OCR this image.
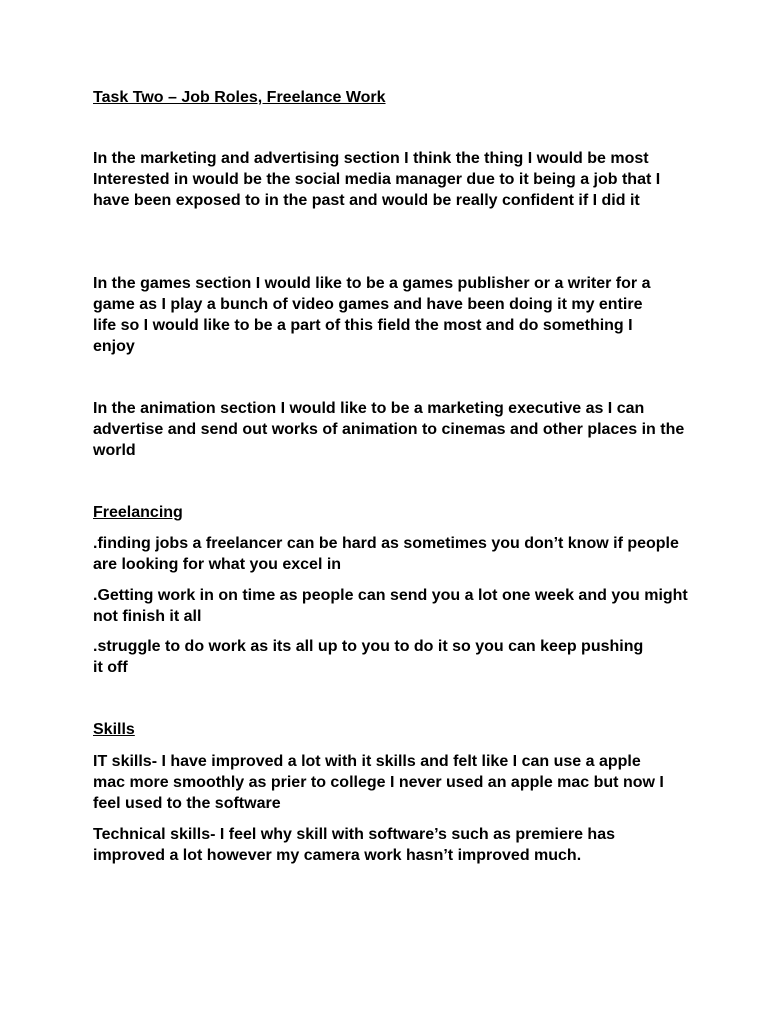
Task Two – Job Roles, Freelance Work
In the marketing and advertising section I think the thing I would be most Interested in would be the social media manager due to it being a job that I have been exposed to in the past and would be really confident if I did it
In the games section I would like to be a games publisher or a writer for a game as I play a bunch of video games and have been doing it my entire life so I would like to be a part of this field the most and do something I enjoy
In the animation section I would like to be a marketing executive as I can advertise and send out works of animation to cinemas and other places in the world
Freelancing
.finding jobs a freelancer can be hard as sometimes you don’t know if people are looking for what you excel in
.Getting work in on time as people can send you a lot one week and you might not finish it all
.struggle to do work as its all up to you to do it so you can keep pushing it off
Skills
IT skills- I have improved a lot with it skills and felt like I can use a apple mac more smoothly as prier to college I never used an apple mac but now I feel used to the software
Technical skills- I feel why skill with software’s such as premiere has improved a lot however my camera work hasn’t improved much.
